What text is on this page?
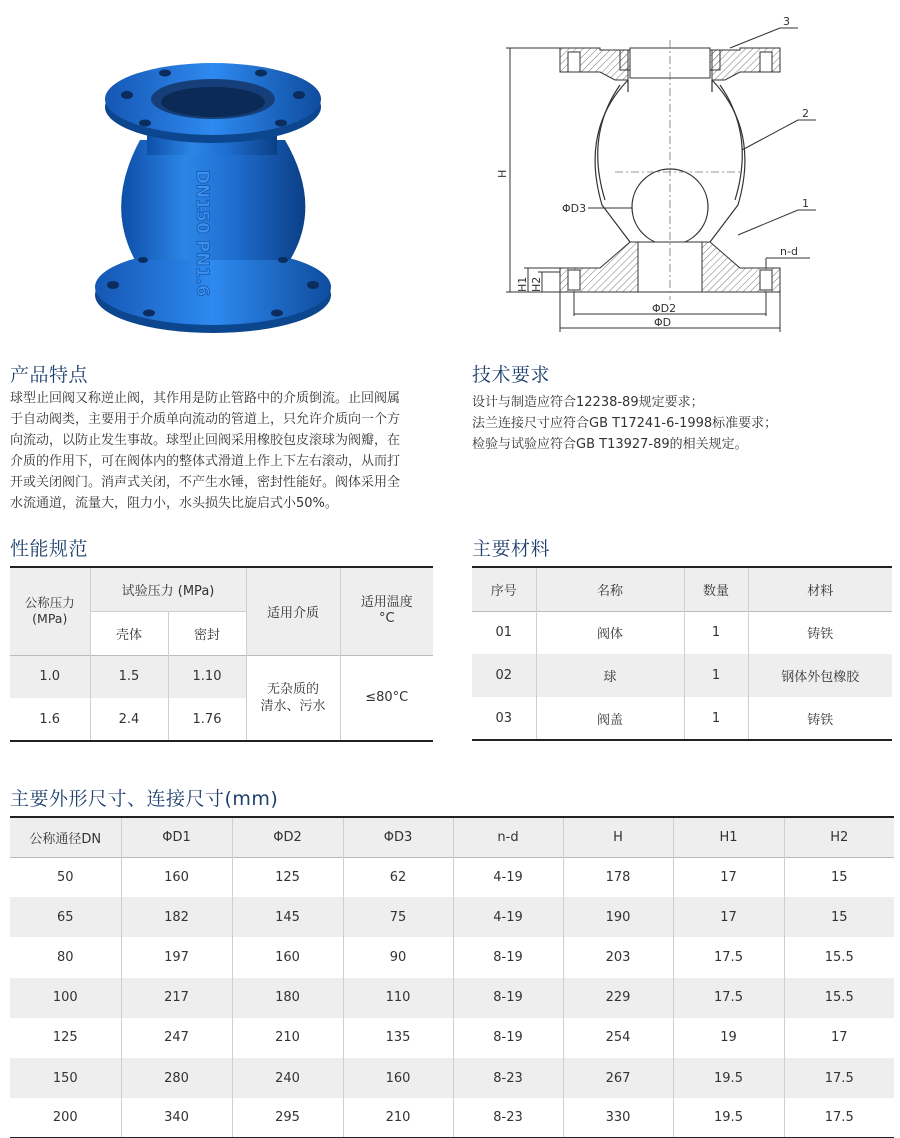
DN150 PN1.6
3
2
1
n-d
ΦD3
ΦD2
ΦD
H
H1 H2
产品特点
球型止回阀又称逆止阀，其作用是防止管路中的介质倒流。止回阀属
于自动阀类，主要用于介质单向流动的管道上，只允许介质向一个方
向流动，以防止发生事故。球型止回阀采用橡胶包皮滚球为阀瓣，在
介质的作用下，可在阀体内的整体式滑道上作上下左右滚动，从而打
开或关闭阀门。消声式关闭，不产生水锤，密封性能好。阀体采用全
水流通道，流量大，阻力小，水头损失比旋启式小50%。
技术要求
设计与制造应符合12238-89规定要求；
法兰连接尺寸应符合GB T17241-6-1998标准要求；
检验与试验应符合GB T13927-89的相关规定。
性能规范
公称压力 (MPa)	试验压力 (MPa)		适用介质	适用温度 °C
	壳体	密封		
1.0	1.5	1.10	无杂质的 清水、污水	≤80°C
1.6	2.4	1.76		
主要材料
序号	名称	数量	材料
01	阀体	1	铸铁
02	球	1	钢体外包橡胶
03	阀盖	1	铸铁
主要外形尺寸、连接尺寸(mm)
公称通径DN	ΦD1	ΦD2	ΦD3	n-d	H	H1	H2
50	160	125	62	4-19	178	17	15
65	182	145	75	4-19	190	17	15
80	197	160	90	8-19	203	17.5	15.5
100	217	180	110	8-19	229	17.5	15.5
125	247	210	135	8-19	254	19	17
150	280	240	160	8-23	267	19.5	17.5
200	340	295	210	8-23	330	19.5	17.5
